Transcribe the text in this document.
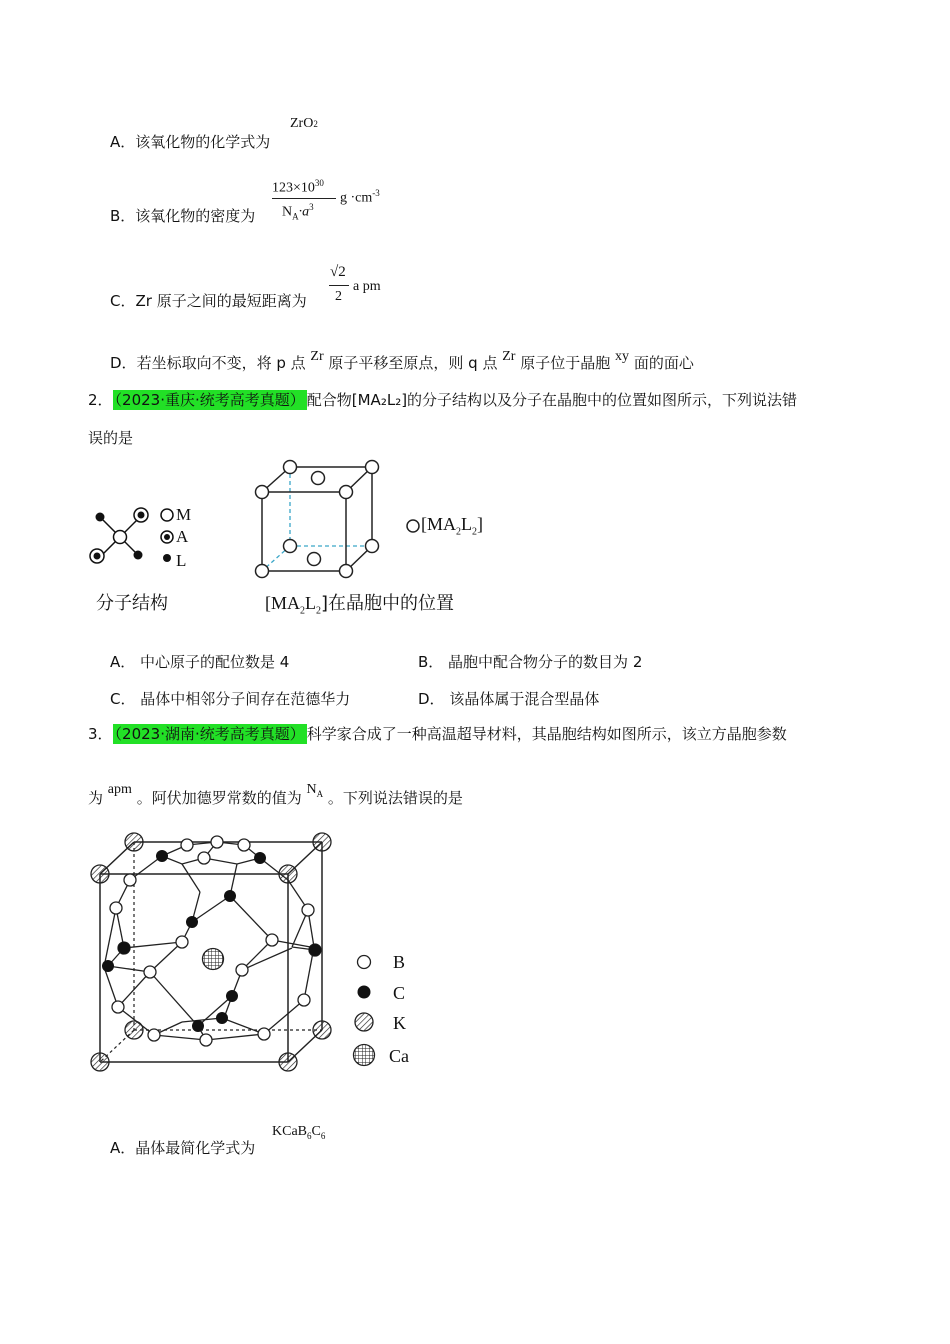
A．该氧化物的化学式为
ZrO2
B．该氧化物的密度为
$123\times 10^{30}$
$N_A\cdot a^3$
$g \cdot cm^{-3}$
C．Zr 原子之间的最短距离为
√2
2
a pm
D．若坐标取向不变，将 p 点 Zr 原子平移至原点，则 q 点 Zr 原子位于晶胞 xy 面的面心
2． （2023·重庆·统考高考真题） 配合物[MA₂L₂]的分子结构以及分子在晶胞中的位置如图所示，下列说法错
误的是
M
A
L
分子结构
$[MA_2L_2]$
$[MA_2L_2]$在晶胞中的位置
A． 中心原子的配位数是 4	B． 晶胞中配合物分子的数目为 2
C． 晶体中相邻分子间存在范德华力	D． 该晶体属于混合型晶体
3． （2023·湖南·统考高考真题） 科学家合成了一种高温超导材料，其晶胞结构如图所示，该立方晶胞参数
为 apm 。阿伏加德罗常数的值为 $N_A$ 。下列说法错误的是
B
C
K
Ca
A．晶体最简化学式为
$KCaB_6C_6$
